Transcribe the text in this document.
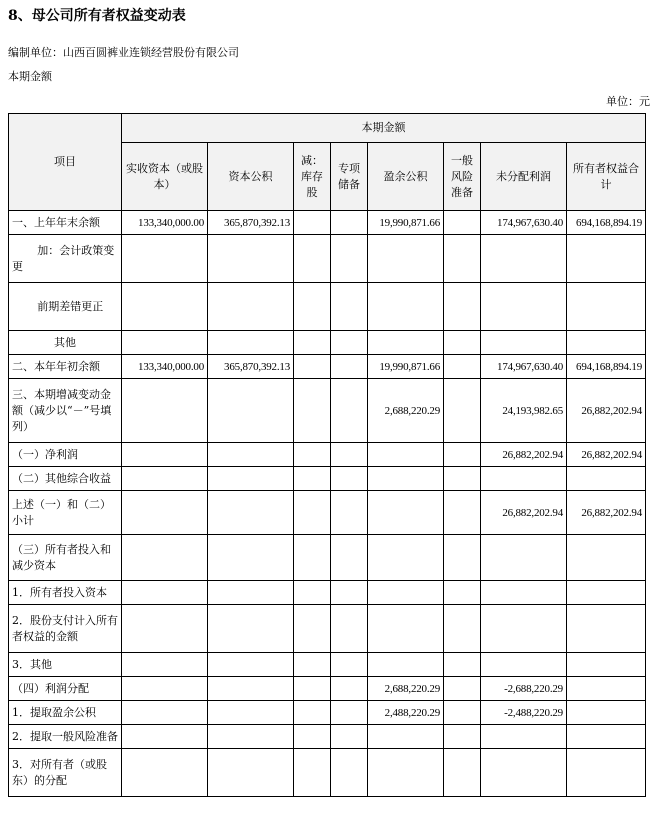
8、母公司所有者权益变动表

编制单位：山西百圆裤业连锁经营股份有限公司

本期金额

单位：元

项目	本期金额							
	实收资本（或股本）	资本公积	减：库存股	专项储备	盈余公积	一般风险准备	未分配利润	所有者权益合计
一、上年年末余额	133,340,000.00	365,870,392.13			19,990,871.66		174,967,630.40	694,168,894.19
加：会计政策变更								
前期差错更正								
其他								
二、本年年初余额	133,340,000.00	365,870,392.13			19,990,871.66		174,967,630.40	694,168,894.19
三、本期增减变动金额（减少以“－”号填列）					2,688,220.29		24,193,982.65	26,882,202.94
（一）净利润							26,882,202.94	26,882,202.94
（二）其他综合收益								
上述（一）和（二）小计							26,882,202.94	26,882,202.94
（三）所有者投入和减少资本								
1．所有者投入资本								
2．股份支付计入所有者权益的金额								
3．其他								
（四）利润分配					2,688,220.29		-2,688,220.29	
1．提取盈余公积					2,488,220.29		-2,488,220.29	
2．提取一般风险准备								
3．对所有者（或股东）的分配								
